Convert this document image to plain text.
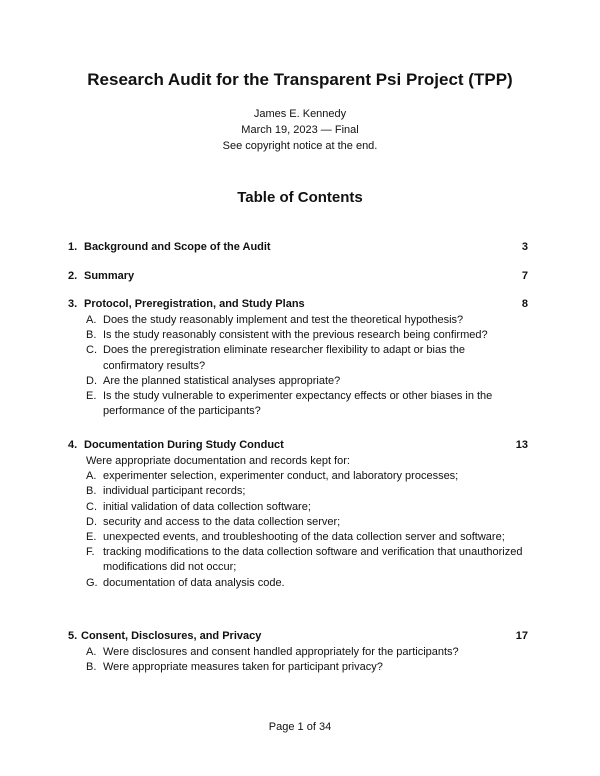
Research Audit for the Transparent Psi Project (TPP)
James E. Kennedy
March 19, 2023 — Final
See copyright notice at the end.
Table of Contents
1. Background and Scope of the Audit	3
2. Summary	7
3. Protocol, Preregistration, and Study Plans	8
A. Does the study reasonably implement and test the theoretical hypothesis?
B. Is the study reasonably consistent with the previous research being confirmed?
C. Does the preregistration eliminate researcher flexibility to adapt or bias the confirmatory results?
D. Are the planned statistical analyses appropriate?
E. Is the study vulnerable to experimenter expectancy effects or other biases in the performance of the participants?
4. Documentation During Study Conduct	13
Were appropriate documentation and records kept for:
A. experimenter selection, experimenter conduct, and laboratory processes;
B. individual participant records;
C. initial validation of data collection software;
D. security and access to the data collection server;
E. unexpected events, and troubleshooting of the data collection server and software;
F. tracking modifications to the data collection software and verification that unauthorized modifications did not occur;
G. documentation of data analysis code.
5. Consent, Disclosures, and Privacy	17
A. Were disclosures and consent handled appropriately for the participants?
B. Were appropriate measures taken for participant privacy?
Page 1 of 34
